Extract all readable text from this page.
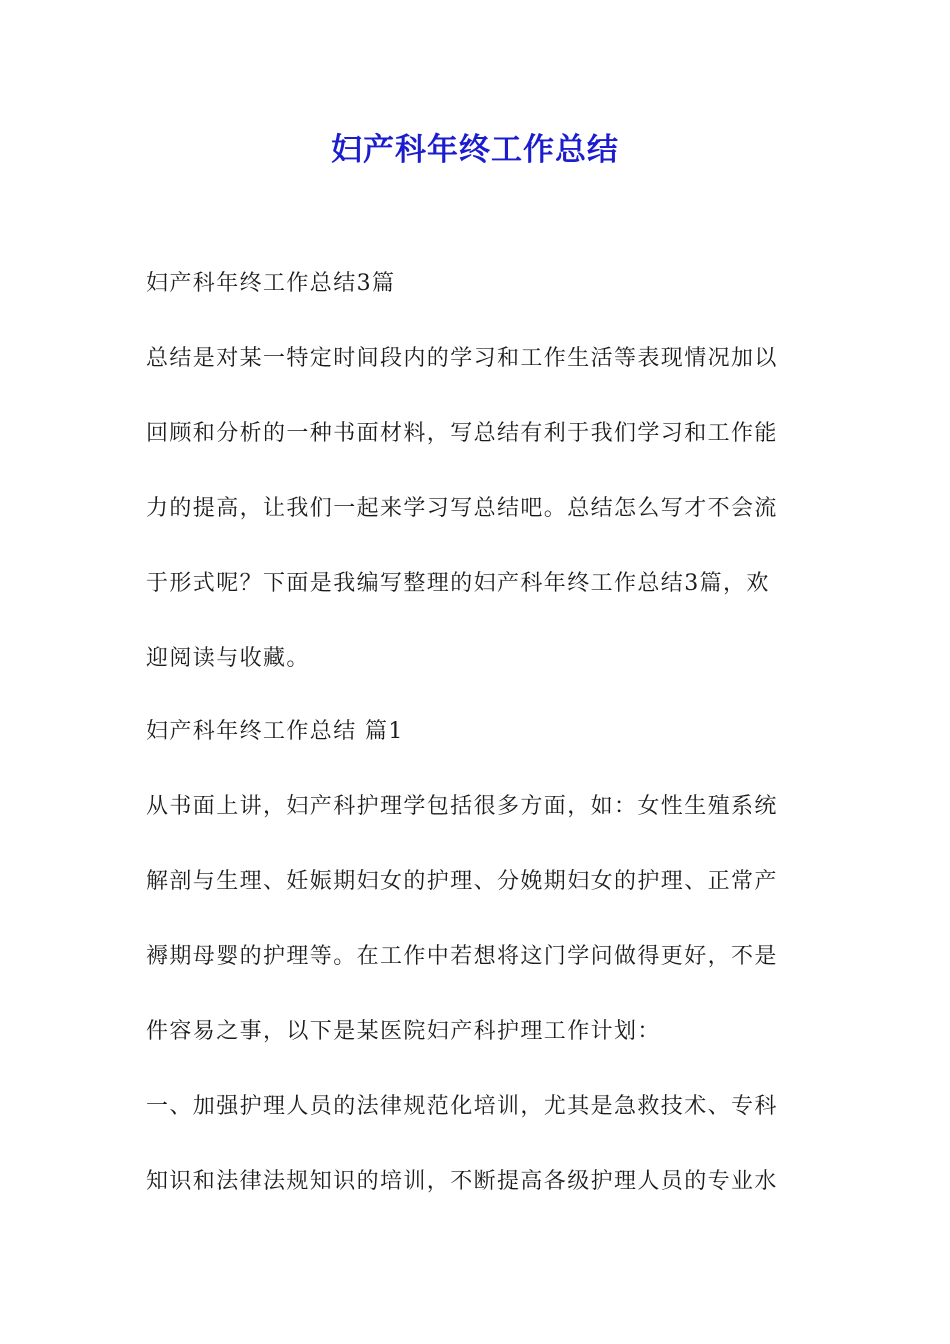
妇产科年终工作总结

妇产科年终工作总结3篇

总结是对某一特定时间段内的学习和工作生活等表现情况加以

回顾和分析的一种书面材料，写总结有利于我们学习和工作能

力的提高，让我们一起来学习写总结吧。总结怎么写才不会流

于形式呢？下面是我编写整理的妇产科年终工作总结3篇，欢

迎阅读与收藏。

妇产科年终工作总结 篇1

从书面上讲，妇产科护理学包括很多方面，如：女性生殖系统

解剖与生理、妊娠期妇女的护理、分娩期妇女的护理、正常产

褥期母婴的护理等。在工作中若想将这门学问做得更好，不是

件容易之事，以下是某医院妇产科护理工作计划：

一、加强护理人员的法律规范化培训，尤其是急救技术、专科

知识和法律法规知识的培训，不断提高各级护理人员的专业水
